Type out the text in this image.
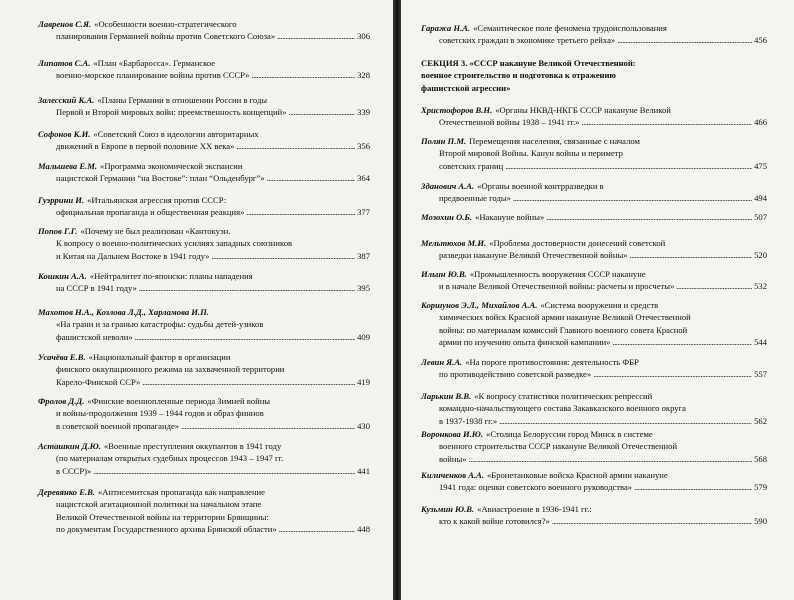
Лавренов С.Я. «Особенности военно-стратегического
планирования Германией войны против Советского Союза» .....	306
Липатов С.А. «План «Барбаросса». Германское
военно-морское планирование войны против СССР» .....	328
Залесский К.А. «Планы Германии в отношении России в годы
Первой и Второй мировых войн: преемственность концепций» .....	339
Софонов К.И. «Советский Союз в идеологии авторитарных
движений в Европе в первой половине XX века» .....	356
Мальшева Е.М. «Программа экономической экспансии
нацистской Германии “на Востоке”: план “Ольденбург”» .....	364
Гуэррини И. «Итальянская агрессия против СССР:
официальная пропаганда и общественная реакция» .....	377
Попов Г.Г. «Почему не был реализован «Кантокуэн.
К вопросу о военно-политических усилиях западных союзников
и Китая на Дальнем Востоке в 1941 году» .....	387
Кошкин А.А. «Нейтралитет по-японски: планы нападения
на СССР в 1941 году» .....	395
Махотов Н.А., Козлова Л.Д., Харламова И.П.
«На грани и за гранью катастрофы: судьбы детей-узиков
фашистской неволи» .....	409
Усачёва Е.В. «Национальный фактор в организации
финского оккупационного режима на захваченной территории
Карело-Финской ССР» .....	419
Фролов Д.Д. «Финские военнопленные периода Зимней войны
и войны-продолжения 1939 – 1944 годов и образ финнов
в советской военной пропаганде» .....	430
Асташкин Д.Ю. «Военные преступления оккупантов в 1941 году
(по материалам открытых судебных процессов 1943 – 1947 гг.
в СССР)» .....	441
Деревянко Е.В. «Антисемитская пропаганда как направление
нацистской агитационной политики на начальном этапе
Великой Отечественной войны на территории Брянщины:
по документам Государственного архива Брянской области» .....	448
Гаража Н.А. «Семантическое поле феномена трудоиспользования
советских граждан в экономике третьего рейха» .....	456
Христофоров В.Н. «Органы НКВД-НКГБ СССР накануне Великой
Отечественной войны 1938 – 1941 гг.» .....	466
Полян П.М. Перемещения населения, связанные с началом
Второй мировой Войны. Канун войны и периметр
советских границ .....	475
Зданович А.А. «Органы военной контрразведки в
предвоенные годы» .....	494
Мозохин О.Б. «Накануне войны» .....	507
Мельтюхов М.И. «Проблема достоверности донесений советской
разведки накануне Великой Отечественной войны» .....	520
Ильин Ю.В. «Промышленность вооружения СССР накануне
и в начале Великой Отечественной войны: расчеты и просчеты» .....	532
Коршунов Э.Л., Михайлов А.А. «Система вооружения и средств
химических войск Красной армии накануне Великой Отечественной
войны: по материалам комиссий Главного военного совета Красной
армии по изучению опыта финской кампании» .....	544
Левин Я.А. «На пороге противостояния: деятельность ФБР
по противодействию советской разведке» .....	557
Ларькин В.В. «К вопросу статистики политических репрессий
командно-начальствующего состава Закавказского военного округа
в 1937-1938 гг.» .....	562
Воронкова И.Ю. «Столица Белоруссии город Минск в системе
военного строительства СССР накануне Великой Отечественной
войны» .....	568
Киличенков А.А. «Бронетанковые войска Красной армии накануне
1941 года: оценки советского военного руководства» .....	579
Кузьмин Ю.В. «Авиастроение в 1936-1941 гг.:
кто к какой войне готовился?» .....	590
СЕКЦИЯ 3. «СССР накануне Великой Отечественной:
военное строительство и подготовка к отражению
фашистской агрессии»
